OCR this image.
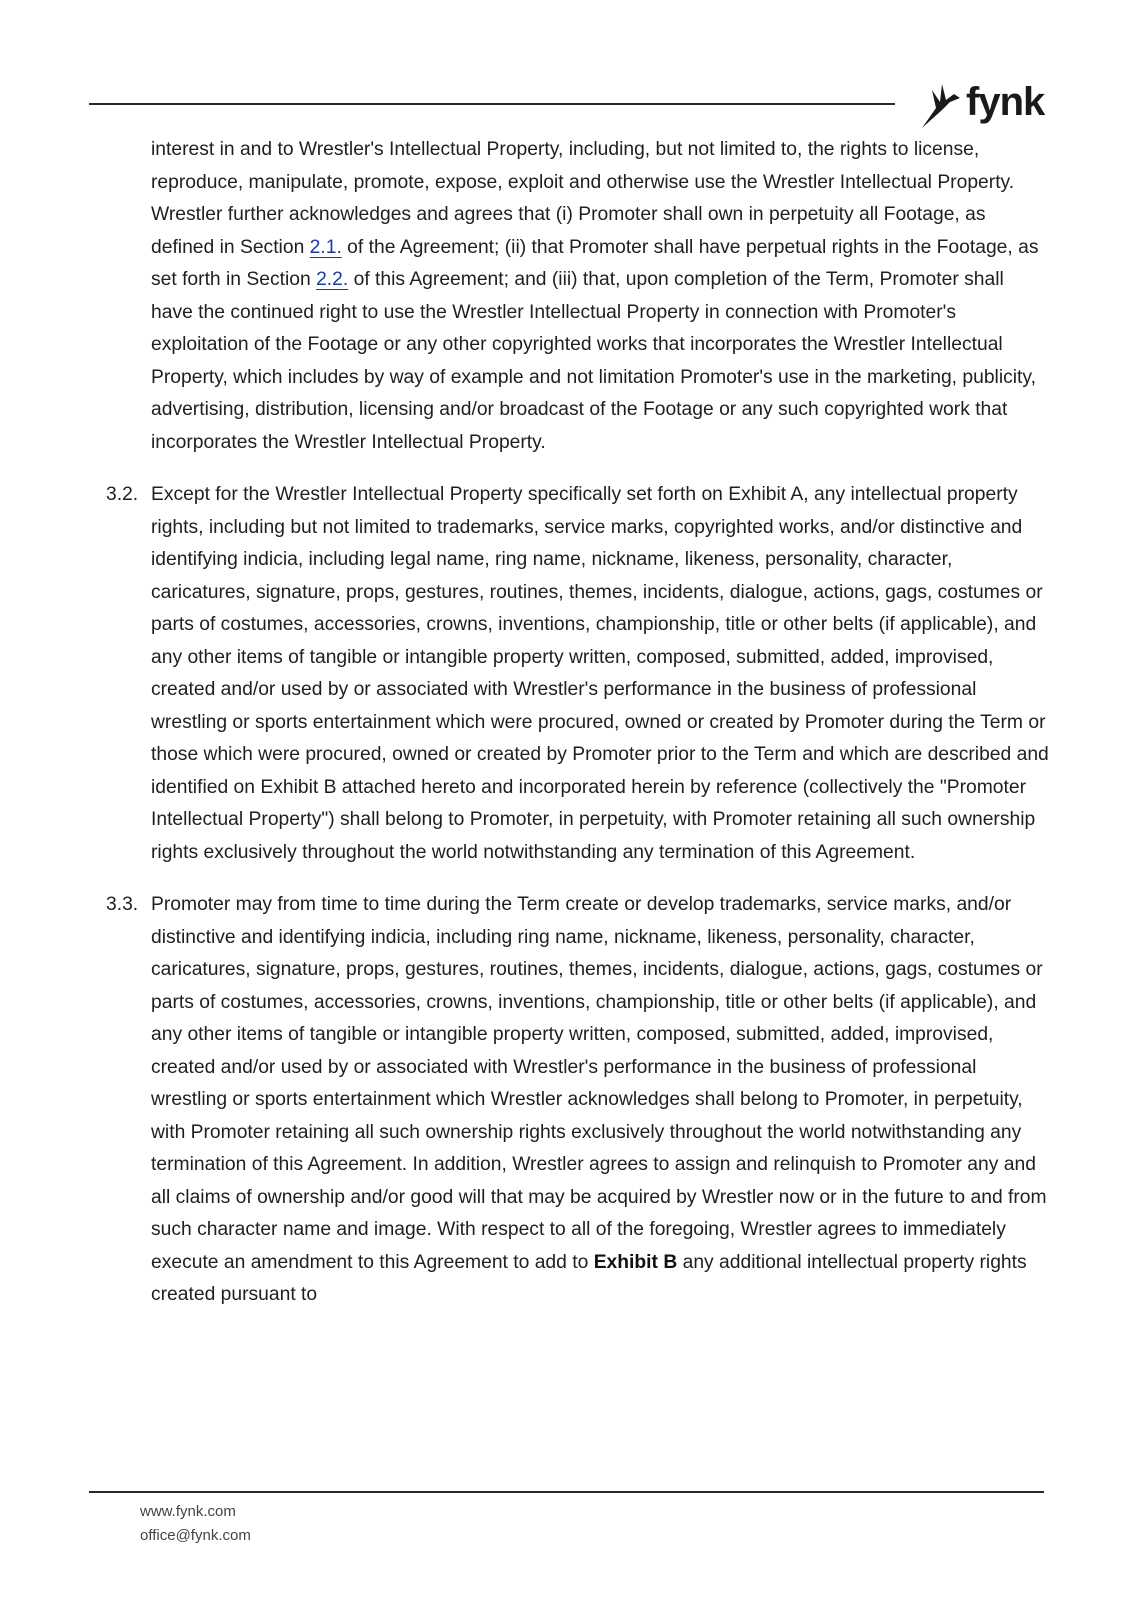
fynk

interest in and to Wrestler's Intellectual Property, including, but not limited to, the rights to license, reproduce, manipulate, promote, expose, exploit and otherwise use the Wrestler Intellectual Property. Wrestler further acknowledges and agrees that (i) Promoter shall own in perpetuity all Footage, as defined in Section 2.1. of the Agreement; (ii) that Promoter shall have perpetual rights in the Footage, as set forth in Section 2.2. of this Agreement; and (iii) that, upon completion of the Term, Promoter shall have the continued right to use the Wrestler Intellectual Property in connection with Promoter's exploitation of the Footage or any other copyrighted works that incorporates the Wrestler Intellectual Property, which includes by way of example and not limitation Promoter's use in the marketing, publicity, advertising, distribution, licensing and/or broadcast of the Footage or any such copyrighted work that incorporates the Wrestler Intellectual Property.

3.2. Except for the Wrestler Intellectual Property specifically set forth on Exhibit A, any intellectual property rights, including but not limited to trademarks, service marks, copyrighted works, and/or distinctive and identifying indicia, including legal name, ring name, nickname, likeness, personality, character, caricatures, signature, props, gestures, routines, themes, incidents, dialogue, actions, gags, costumes or parts of costumes, accessories, crowns, inventions, championship, title or other belts (if applicable), and any other items of tangible or intangible property written, composed, submitted, added, improvised, created and/or used by or associated with Wrestler's performance in the business of professional wrestling or sports entertainment which were procured, owned or created by Promoter during the Term or those which were procured, owned or created by Promoter prior to the Term and which are described and identified on Exhibit B attached hereto and incorporated herein by reference (collectively the "Promoter Intellectual Property") shall belong to Promoter, in perpetuity, with Promoter retaining all such ownership rights exclusively throughout the world notwithstanding any termination of this Agreement.

3.3. Promoter may from time to time during the Term create or develop trademarks, service marks, and/or distinctive and identifying indicia, including ring name, nickname, likeness, personality, character, caricatures, signature, props, gestures, routines, themes, incidents, dialogue, actions, gags, costumes or parts of costumes, accessories, crowns, inventions, championship, title or other belts (if applicable), and any other items of tangible or intangible property written, composed, submitted, added, improvised, created and/or used by or associated with Wrestler's performance in the business of professional wrestling or sports entertainment which Wrestler acknowledges shall belong to Promoter, in perpetuity, with Promoter retaining all such ownership rights exclusively throughout the world notwithstanding any termination of this Agreement. In addition, Wrestler agrees to assign and relinquish to Promoter any and all claims of ownership and/or good will that may be acquired by Wrestler now or in the future to and from such character name and image. With respect to all of the foregoing, Wrestler agrees to immediately execute an amendment to this Agreement to add to Exhibit B any additional intellectual property rights created pursuant to

www.fynk.com
office@fynk.com
